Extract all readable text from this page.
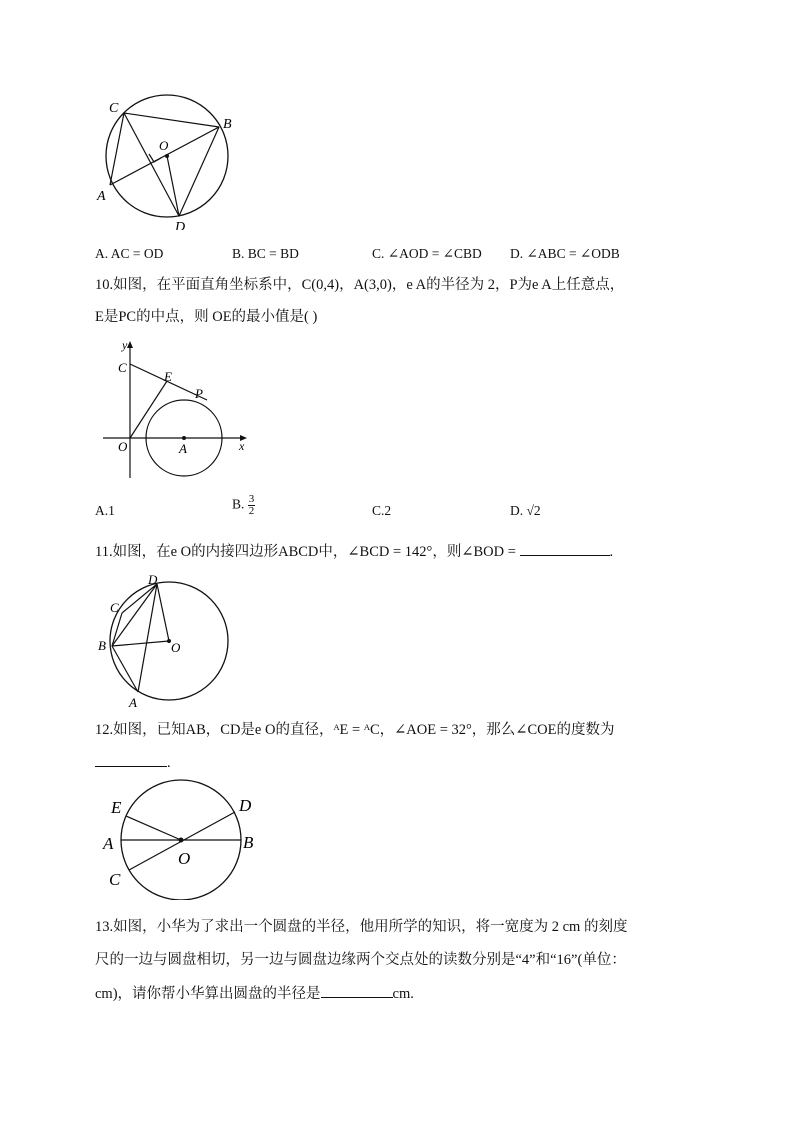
C
B
O
A
D
A. AC = OD	B. BC = BD	C. ∠AOD = ∠CBD D. ∠ABC = ∠ODB
10.如图，在平面直角坐标系中，C(0,4)，A(3,0)，e A的半径为 2，P为e A上任意点，
E是PC的中点，则 OE的最小值是( )
y
C
E
P
O	A	x
A.1	B. $\frac{3}{2}$	C.2	D. √2
11.如图，在e O的内接四边形ABCD中，∠BCD = 142°，则∠BOD =	.
D
C
B	O
A
12.如图，已知AB，CD是e O的直径，ᴬE = ᴬC，∠AOE = 32°，那么∠COE的度数为
.
E	D
A
O
B
C
13.如图，小华为了求出一个圆盘的半径，他用所学的知识，将一宽度为 2 cm 的刻度
尺的一边与圆盘相切，另一边与圆盘边缘两个交点处的读数分别是“4”和“16”(单位：
cm)，请你帮小华算出圆盘的半径是	cm.
